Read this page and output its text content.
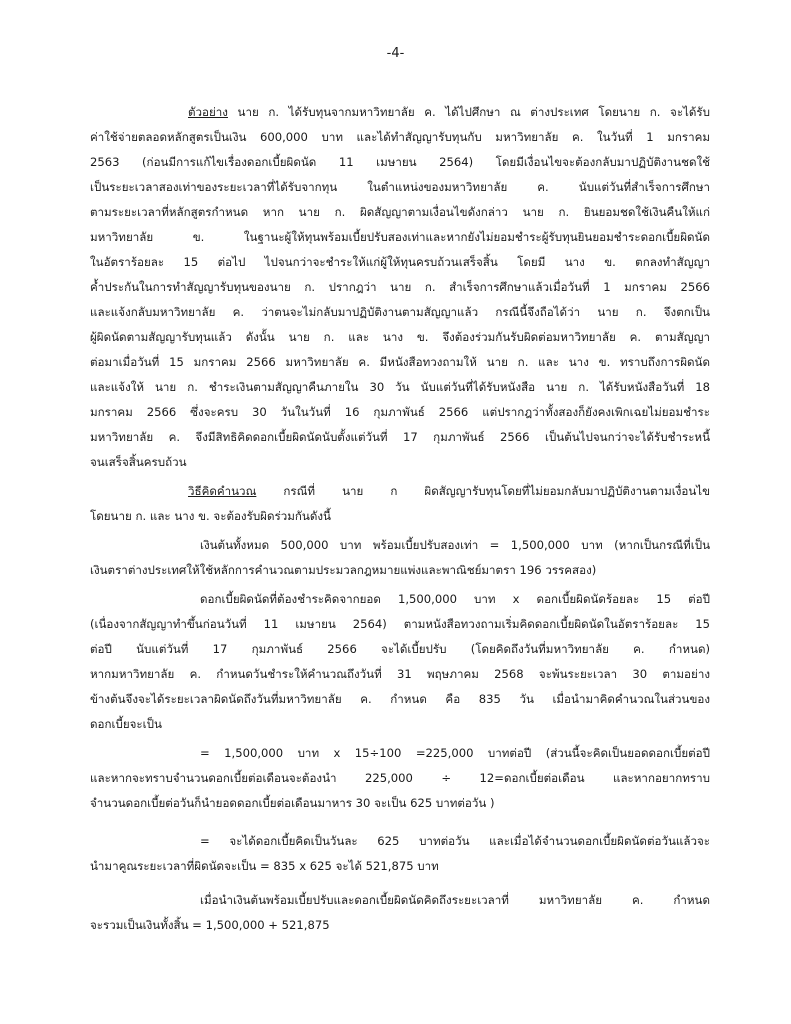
-4-
ตัวอย่าง นาย ก. ได้รับทุนจากมหาวิทยาลัย ค. ได้ไปศึกษา ณ ต่างประเทศ โดยนาย ก. จะได้รับ
ค่าใช้จ่ายตลอดหลักสูตรเป็นเงิน 600,000 บาท และได้ทำสัญญารับทุนกับ มหาวิทยาลัย ค. ในวันที่ 1 มกราคม
2563 (ก่อนมีการแก้ไขเรื่องดอกเบี้ยผิดนัด 11 เมษายน 2564) โดยมีเงื่อนไขจะต้องกลับมาปฏิบัติงานชดใช้
เป็นระยะเวลาสองเท่าของระยะเวลาที่ได้รับจากทุน ในตำแหน่งของมหาวิทยาลัย ค. นับแต่วันที่สำเร็จการศึกษา
ตามระยะเวลาที่หลักสูตรกำหนด หาก นาย ก. ผิดสัญญาตามเงื่อนไขดังกล่าว นาย ก. ยินยอมชดใช้เงินคืนให้แก่
มหาวิทยาลัย ข. ในฐานะผู้ให้ทุนพร้อมเบี้ยปรับสองเท่าและหากยังไม่ยอมชำระผู้รับทุนยินยอมชำระดอกเบี้ยผิดนัด
ในอัตราร้อยละ 15 ต่อไป ไปจนกว่าจะชำระให้แก่ผู้ให้ทุนครบถ้วนเสร็จสิ้น โดยมี นาง ข. ตกลงทำสัญญา
ค้ำประกันในการทำสัญญารับทุนของนาย ก. ปรากฎว่า นาย ก. สำเร็จการศึกษาแล้วเมื่อวันที่ 1 มกราคม 2566
และแจ้งกลับมหาวิทยาลัย ค. ว่าตนจะไม่กลับมาปฏิบัติงานตามสัญญาแล้ว กรณีนี้จึงถือได้ว่า นาย ก. จึงตกเป็น
ผู้ผิดนัดตามสัญญารับทุนแล้ว ดังนั้น นาย ก. และ นาง ข. จึงต้องร่วมกันรับผิดต่อมหาวิทยาลัย ค. ตามสัญญา
ต่อมาเมื่อวันที่ 15 มกราคม 2566 มหาวิทยาลัย ค. มีหนังสือทวงถามให้ นาย ก. และ นาง ข. ทราบถึงการผิดนัด
และแจ้งให้ นาย ก. ชำระเงินตามสัญญาคืนภายใน 30 วัน นับแต่วันที่ได้รับหนังสือ นาย ก. ได้รับหนังสือวันที่ 18
มกราคม 2566 ซึ่งจะครบ 30 วันในวันที่ 16 กุมภาพันธ์ 2566 แต่ปรากฎว่าทั้งสองก็ยังคงเพิกเฉยไม่ยอมชำระ
มหาวิทยาลัย ค. จึงมีสิทธิคิดดอกเบี้ยผิดนัดนับตั้งแต่วันที่ 17 กุมภาพันธ์ 2566 เป็นต้นไปจนกว่าจะได้รับชำระหนี้
จนเสร็จสิ้นครบถ้วน
วิธีคิดคำนวณ กรณีที่ นาย ก ผิดสัญญารับทุนโดยที่ไม่ยอมกลับมาปฏิบัติงานตามเงื่อนไข
โดยนาย ก. และ นาง ข. จะต้องรับผิดร่วมกันดังนี้
เงินต้นทั้งหมด 500,000 บาท พร้อมเบี้ยปรับสองเท่า = 1,500,000 บาท (หากเป็นกรณีที่เป็น
เงินตราต่างประเทศให้ใช้หลักการคำนวณตามประมวลกฎหมายแพ่งและพาณิชย์มาตรา 196 วรรคสอง)
ดอกเบี้ยผิดนัดที่ต้องชำระคิดจากยอด 1,500,000 บาท x ดอกเบี้ยผิดนัดร้อยละ 15 ต่อปี
(เนื่องจากสัญญาทำขึ้นก่อนวันที่ 11 เมษายน 2564) ตามหนังสือทวงถามเริ่มคิดดอกเบี้ยผิดนัดในอัตราร้อยละ 15
ต่อปี นับแต่วันที่ 17 กุมภาพันธ์ 2566 จะได้เบี้ยปรับ (โดยคิดถึงวันที่มหาวิทยาลัย ค. กำหนด)
หากมหาวิทยาลัย ค. กำหนดวันชำระให้คำนวณถึงวันที่ 31 พฤษภาคม 2568 จะพ้นระยะเวลา 30 ตามอย่าง
ข้างต้นจึงจะได้ระยะเวลาผิดนัดถึงวันที่มหาวิทยาลัย ค. กำหนด คือ 835 วัน เมื่อนำมาคิดคำนวณในส่วนของ
ดอกเบี้ยจะเป็น
= 1,500,000 บาท x 15÷100 =225,000 บาทต่อปี (ส่วนนี้จะคิดเป็นยอดดอกเบี้ยต่อปี
และหากจะทราบจำนวนดอกเบี้ยต่อเดือนจะต้องนำ 225,000 ÷ 12=ดอกเบี้ยต่อเดือน และหากอยากทราบ
จำนวนดอกเบี้ยต่อวันก็นำยอดดอกเบี้ยต่อเดือนมาหาร 30 จะเป็น 625 บาทต่อวัน )
= จะได้ดอกเบี้ยคิดเป็นวันละ 625 บาทต่อวัน และเมื่อได้จำนวนดอกเบี้ยผิดนัดต่อวันแล้วจะ
นำมาคูณระยะเวลาที่ผิดนัดจะเป็น = 835 x 625 จะได้ 521,875 บาท
เมื่อนำเงินต้นพร้อมเบี้ยปรับและดอกเบี้ยผิดนัดคิดถึงระยะเวลาที่ มหาวิทยาลัย ค. กำหนด
จะรวมเป็นเงินทั้งสิ้น = 1,500,000 + 521,875
